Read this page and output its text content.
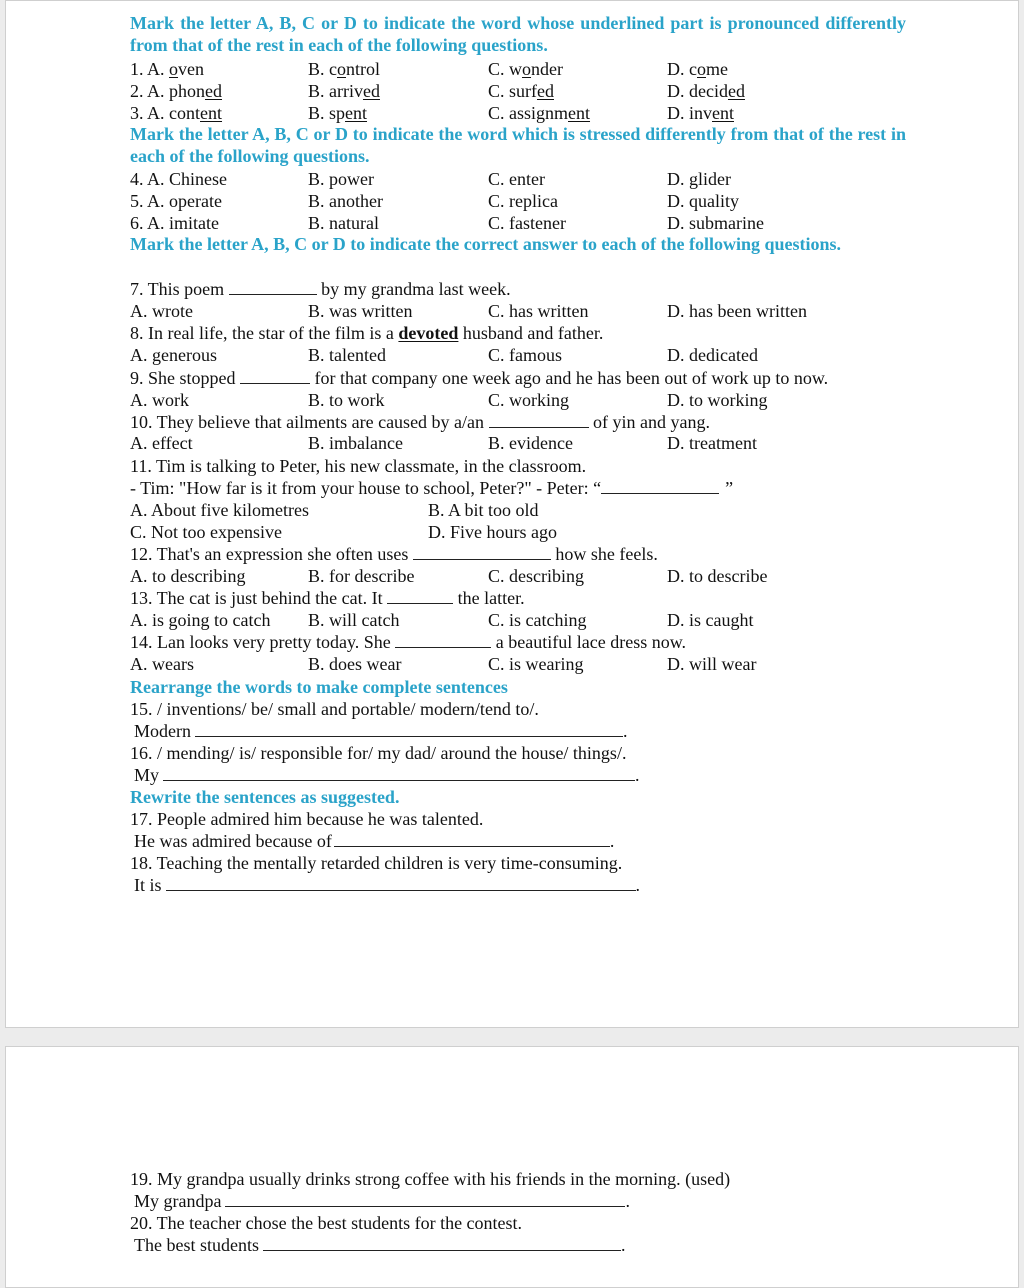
Mark the letter A, B, C or D to indicate the word whose underlined part is pronounced differently from that of the rest in each of the following questions.
1. A. oven	B. control	C. wonder	D. come
2. A. phoned	B. arrived	C. surfed	D. decided
3. A. content	B. spent	C. assignment	D. invent
Mark the letter A, B, C or D to indicate the word which is stressed differently from that of the rest in each of the following questions.
4. A. Chinese	B. power	C. enter	D. glider
5. A. operate	B. another	C. replica	D. quality
6. A. imitate	B. natural	C. fastener	D. submarine
Mark the letter A, B, C or D to indicate the correct answer to each of the following questions.
7. This poem	by my grandma last week.
A. wrote	B. was written	C. has written	D. has been written
8. In real life, the star of the film is a devoted husband and father.
A. generous	B. talented	C. famous	D. dedicated
9. She stopped	for that company one week ago and he has been out of work up to now.
A. work	B. to work	C. working	D. to working
10. They believe that ailments are caused by a/an	of yin and yang.
A. effect	B. imbalance	B. evidence	D. treatment
11. Tim is talking to Peter, his new classmate, in the classroom.
- Tim: "How far is it from your house to school, Peter?" - Peter: “	”
A. About five kilometres	B. A bit too old
C. Not too expensive	D. Five hours ago
12. That's an expression she often uses	how she feels.
A. to describing	B. for describe	C. describing	D. to describe
13. The cat is just behind the cat. It	the latter.
A. is going to catch B. will catch	C. is catching	D. is caught
14. Lan looks very pretty today. She	a beautiful lace dress now.
A. wears	B. does wear	C. is wearing	D. will wear
Rearrange the words to make complete sentences
15. / inventions/ be/ small and portable/ modern/tend to/.
Modern	.
16. / mending/ is/ responsible for/ my dad/ around the house/ things/.
My	.
Rewrite the sentences as suggested.
17. People admired him because he was talented.
He was admired because of	.
18. Teaching the mentally retarded children is very time-consuming.
It is	.
19. My grandpa usually drinks strong coffee with his friends in the morning. (used)
My grandpa	.
20. The teacher chose the best students for the contest.
The best students	.
